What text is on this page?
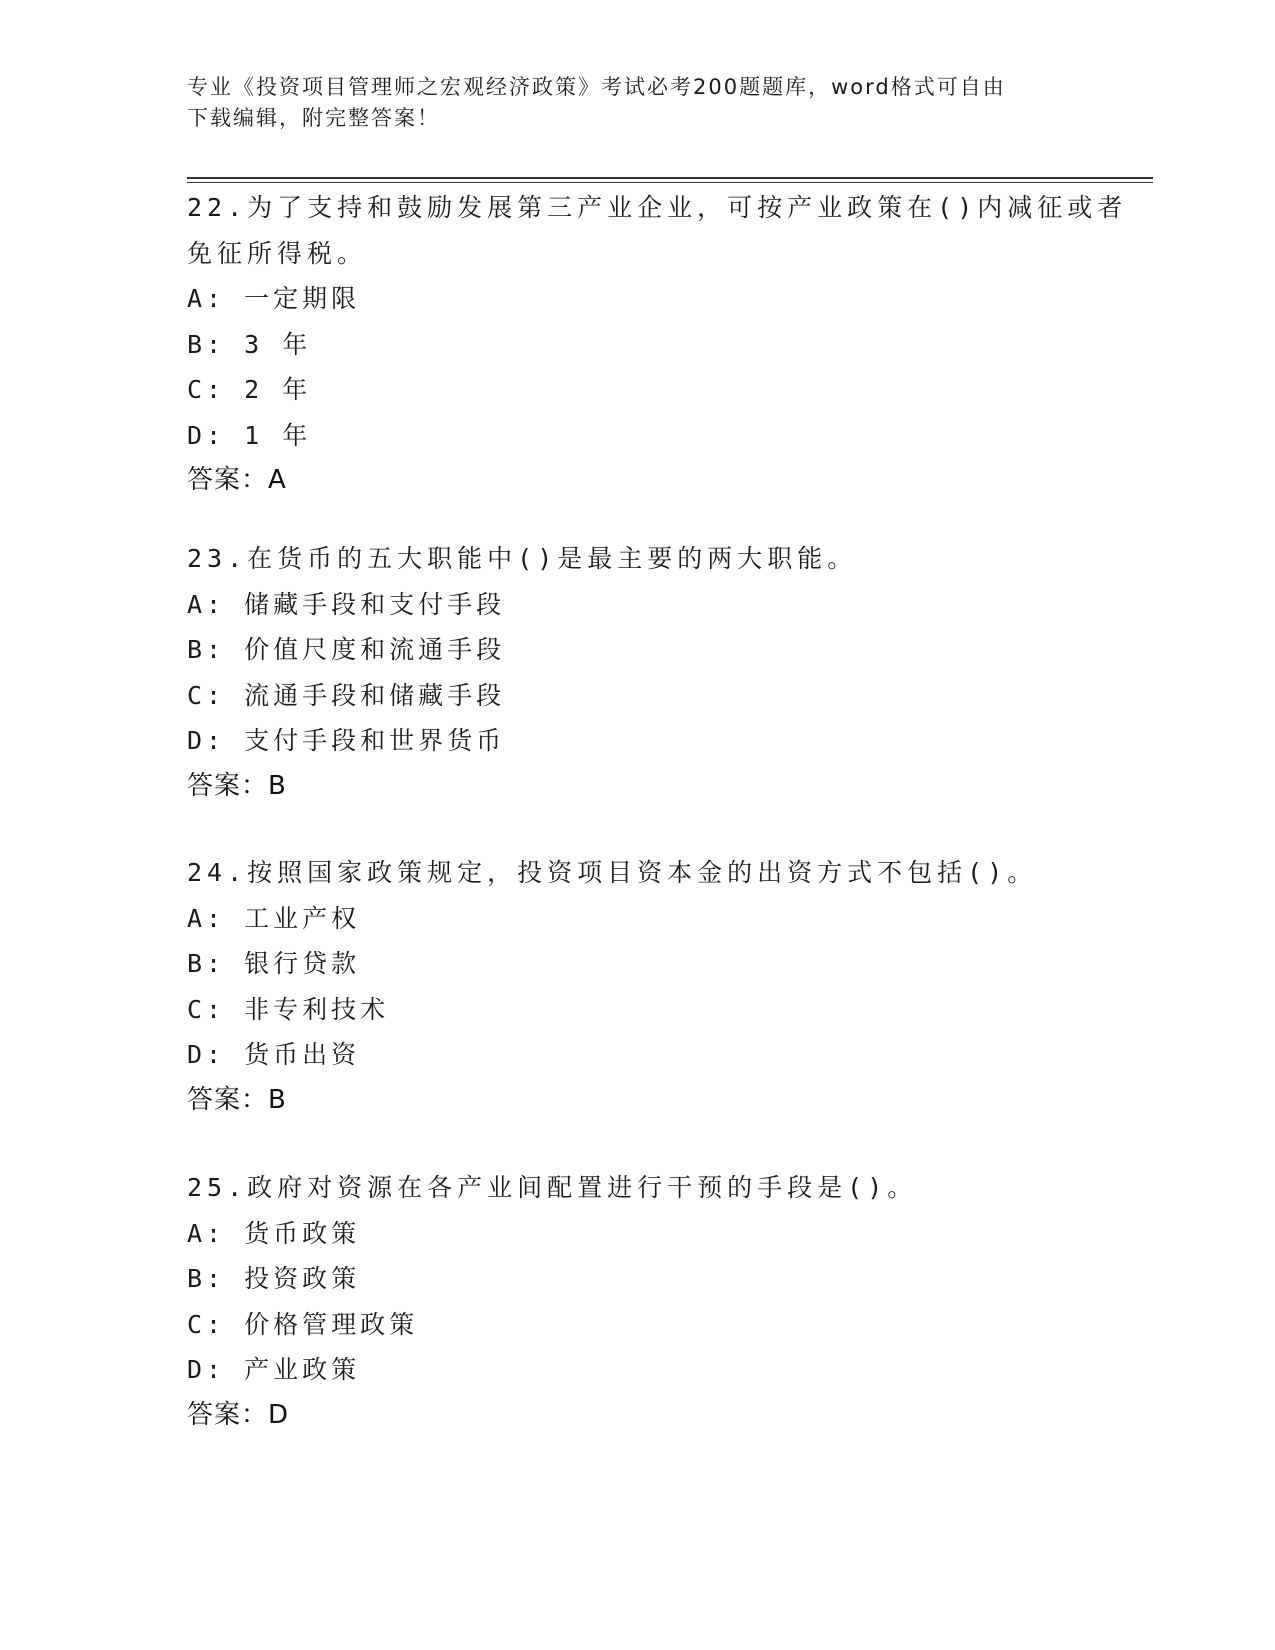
专业《投资项目管理师之宏观经济政策》考试必考200题题库，word格式可自由
下载编辑，附完整答案！
22.为了支持和鼓励发展第三产业企业，可按产业政策在()内减征或者
免征所得税。
A: 一定期限
B: 3 年
C: 2 年
D: 1 年
答案：A
23.在货币的五大职能中()是最主要的两大职能。
A: 储藏手段和支付手段
B: 价值尺度和流通手段
C: 流通手段和储藏手段
D: 支付手段和世界货币
答案：B
24.按照国家政策规定，投资项目资本金的出资方式不包括()。
A: 工业产权
B: 银行贷款
C: 非专利技术
D: 货币出资
答案：B
25.政府对资源在各产业间配置进行干预的手段是()。
A: 货币政策
B: 投资政策
C: 价格管理政策
D: 产业政策
答案：D
